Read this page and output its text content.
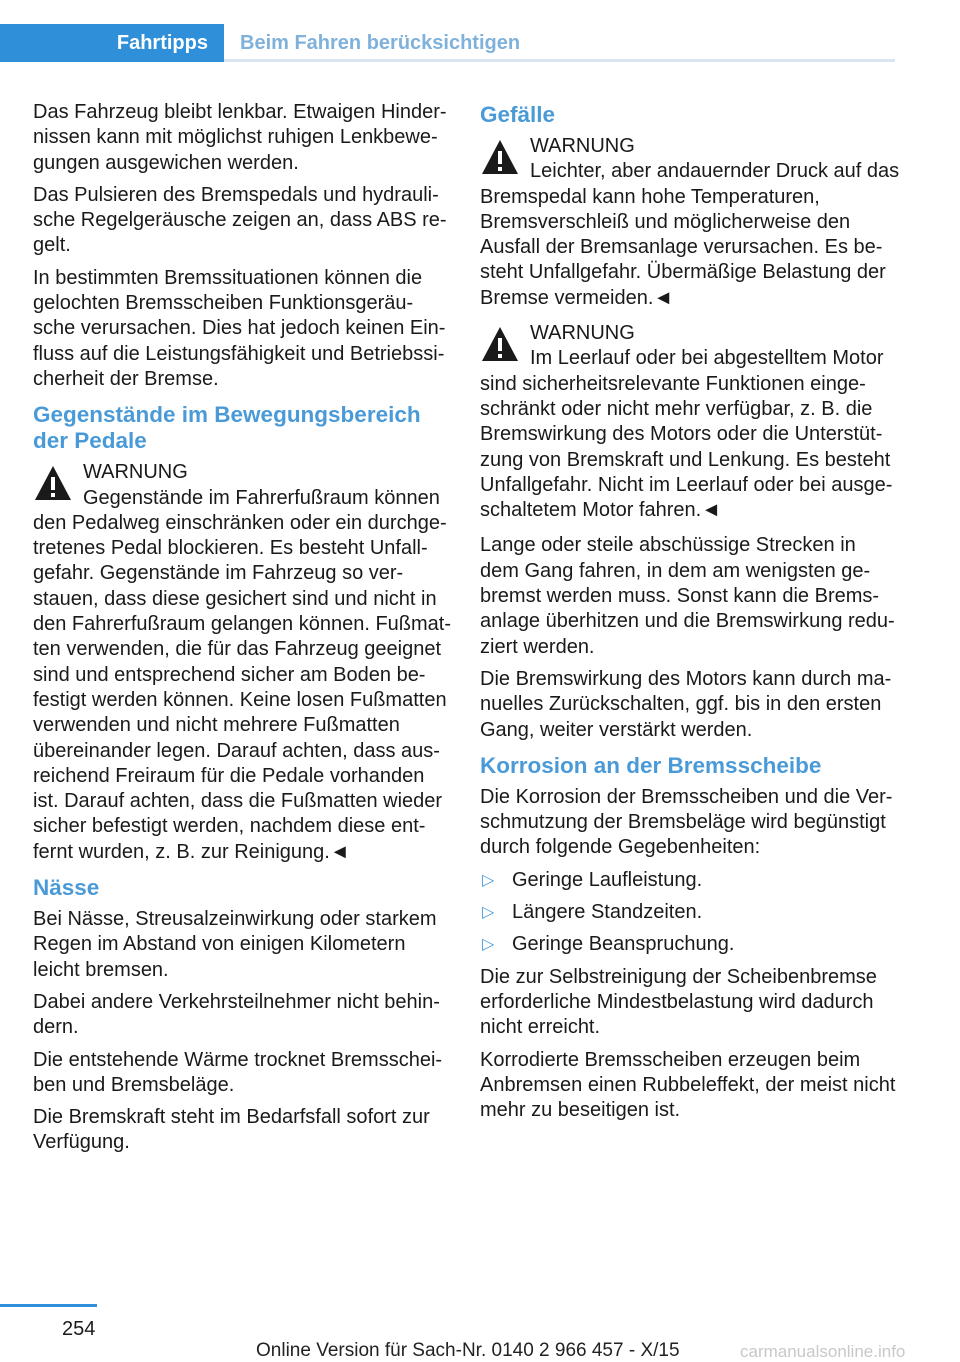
Fahrtipps	Beim Fahren berücksichtigen

Das Fahrzeug bleibt lenkbar. Etwaigen Hinder‐nissen kann mit möglichst ruhigen Lenkbewe‐gungen ausgewichen werden.

Das Pulsieren des Bremspedals und hydrauli‐sche Regelgeräusche zeigen an, dass ABS re‐gelt.

In bestimmten Bremssituationen können die gelochten Bremsscheiben Funktionsgeräu‐sche verursachen. Dies hat jedoch keinen Ein‐fluss auf die Leistungsfähigkeit und Betriebssi‐cherheit der Bremse.

Gegenstände im Bewegungsbereich der Pedale
WARNUNG
Gegenstände im Fahrerfußraum können den Pedalweg einschränken oder ein durchge‐tretenes Pedal blockieren. Es besteht Unfall‐gefahr. Gegenstände im Fahrzeug so ver‐stauen, dass diese gesichert sind und nicht in den Fahrerfußraum gelangen können. Fußmat‐ten verwenden, die für das Fahrzeug geeignet sind und entsprechend sicher am Boden be‐festigt werden können. Keine losen Fußmatten verwenden und nicht mehrere Fußmatten übereinander legen. Darauf achten, dass aus‐reichend Freiraum für die Pedale vorhanden ist. Darauf achten, dass die Fußmatten wieder sicher befestigt werden, nachdem diese ent‐fernt wurden, z. B. zur Reinigung.◄
Nässe

Bei Nässe, Streusalzeinwirkung oder starkem Regen im Abstand von einigen Kilometern leicht bremsen.

Dabei andere Verkehrsteilnehmer nicht behin‐dern.

Die entstehende Wärme trocknet Bremsschei‐ben und Bremsbeläge.

Die Bremskraft steht im Bedarfsfall sofort zur Verfügung.

Gefälle
WARNUNG
Leichter, aber andauernder Druck auf das Bremspedal kann hohe Temperaturen, Bremsverschleiß und möglicherweise den Ausfall der Bremsanlage verursachen. Es be‐steht Unfallgefahr. Übermäßige Belastung der Bremse vermeiden.◄
WARNUNG
Im Leerlauf oder bei abgestelltem Motor sind sicherheitsrelevante Funktionen einge‐schränkt oder nicht mehr verfügbar, z. B. die Bremswirkung des Motors oder die Unterstüt‐zung von Bremskraft und Lenkung. Es besteht Unfallgefahr. Nicht im Leerlauf oder bei ausge‐schaltetem Motor fahren.◄

Lange oder steile abschüssige Strecken in dem Gang fahren, in dem am wenigsten ge‐bremst werden muss. Sonst kann die Brems‐anlage überhitzen und die Bremswirkung redu‐ziert werden.

Die Bremswirkung des Motors kann durch ma‐nuelles Zurückschalten, ggf. bis in den ersten Gang, weiter verstärkt werden.

Korrosion an der Bremsscheibe

Die Korrosion der Bremsscheiben und die Ver‐schmutzung der Bremsbeläge wird begünstigt durch folgende Gegebenheiten:

▷ Geringe Laufleistung.
▷ Längere Standzeiten.
▷ Geringe Beanspruchung.

Die zur Selbstreinigung der Scheibenbremse erforderliche Mindestbelastung wird dadurch nicht erreicht.

Korrodierte Bremsscheiben erzeugen beim Anbremsen einen Rubbeleffekt, der meist nicht mehr zu beseitigen ist.

254
Online Version für Sach-Nr. 0140 2 966 457 - X/15	carmanualsonline.info
